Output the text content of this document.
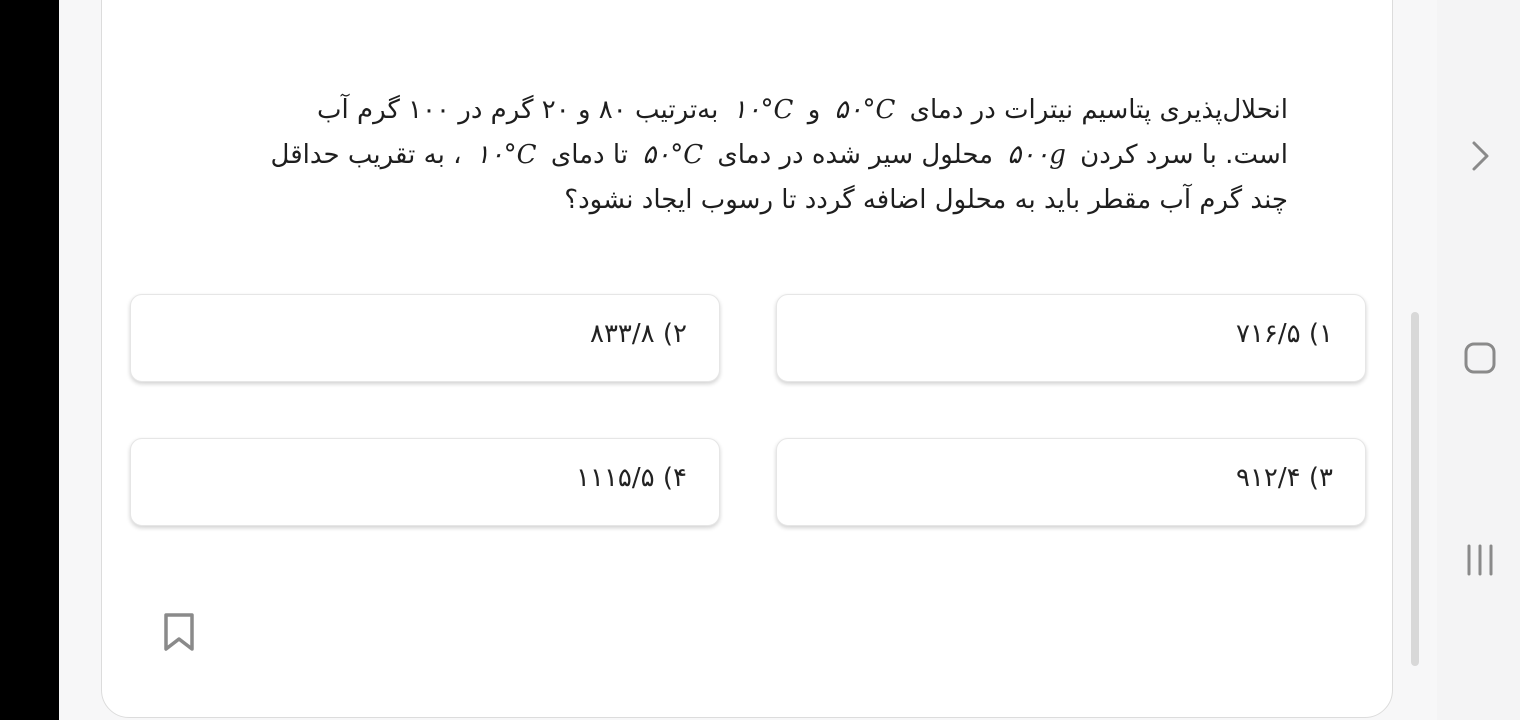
انحلال‌پذیری پتاسیم نیترات در دمای ۵۰°C و ۱۰°C به‌ترتیب ۸۰ و ۲۰ گرم در ۱۰۰ گرم آب
است. با سرد کردن ۵۰۰g محلول سیر شده در دمای ۵۰°C تا دمای ۱۰°C ، به تقریب حداقل
چند گرم آب مقطر باید به محلول اضافه گردد تا رسوب ایجاد نشود؟
۱) ۷۱۶/۵
۲) ۸۳۳/۸
۳) ۹۱۲/۴
۴) ۱۱۱۵/۵
